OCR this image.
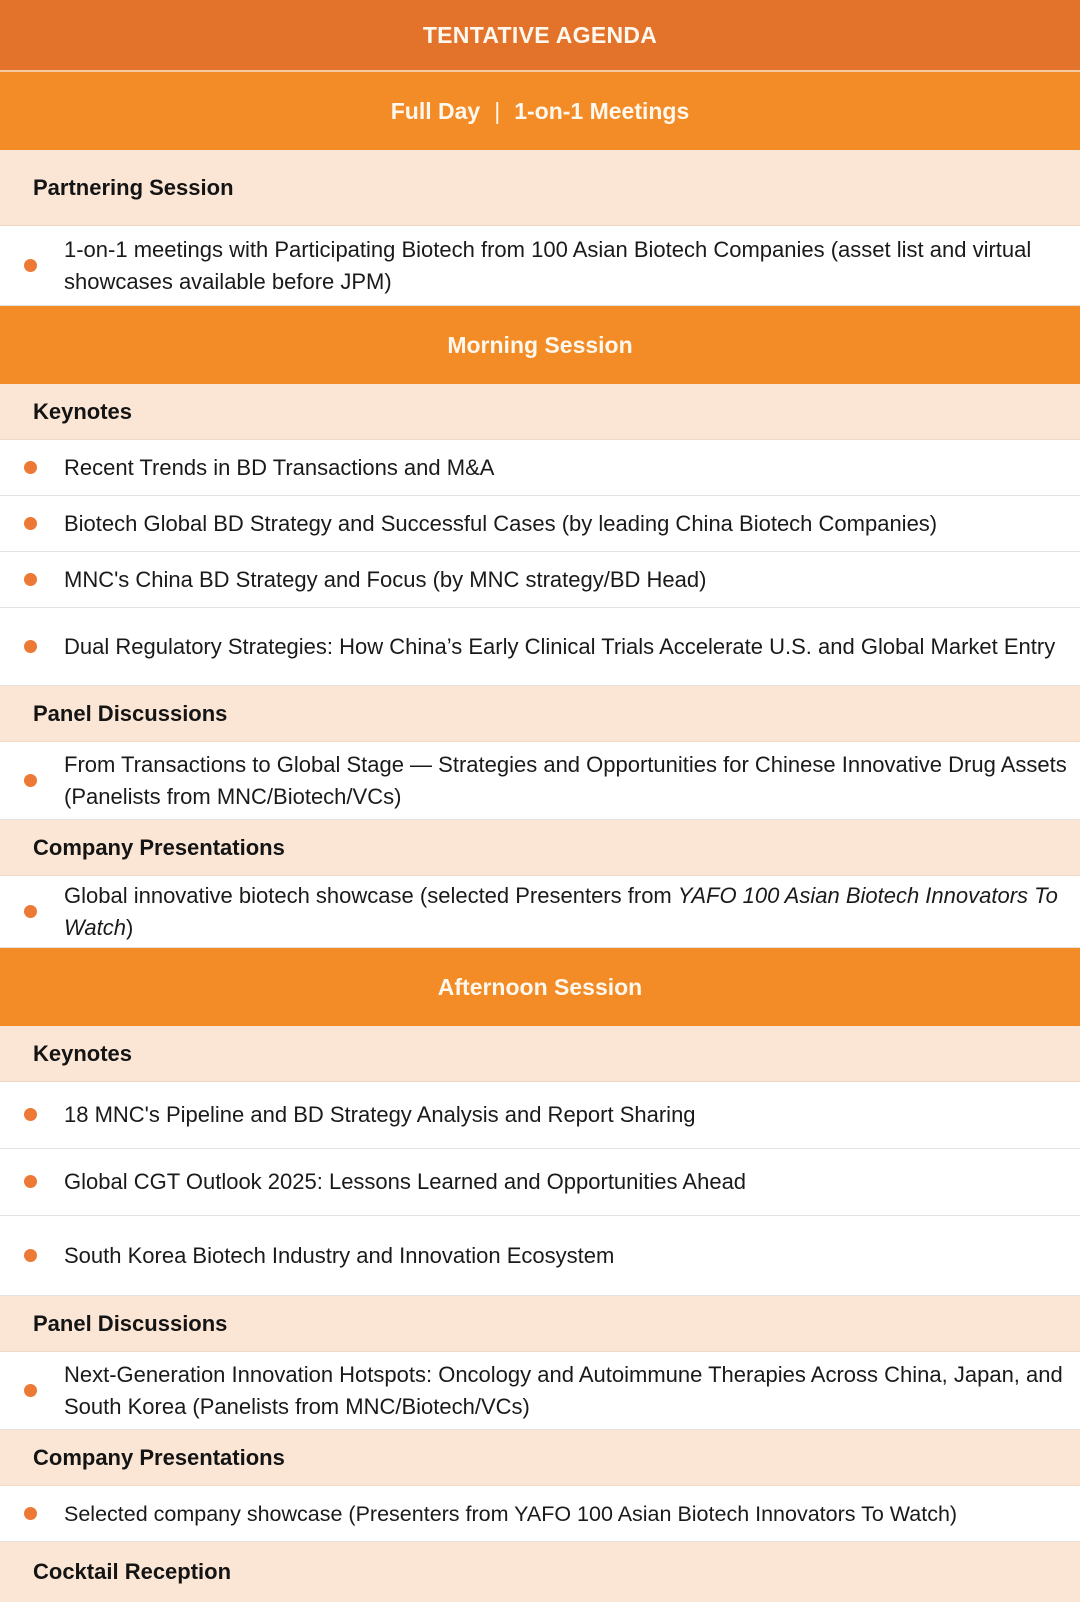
TENTATIVE AGENDA
Full Day | 1-on-1 Meetings
Partnering Session
1-on-1 meetings with Participating Biotech from 100 Asian Biotech Companies (asset list and virtual showcases available before JPM)
Morning Session
Keynotes
Recent Trends in BD Transactions and M&A
Biotech Global BD Strategy and Successful Cases (by leading China Biotech Companies)
MNC's China BD Strategy and Focus (by MNC strategy/BD Head)
Dual Regulatory Strategies: How China’s Early Clinical Trials Accelerate U.S. and Global Market Entry
Panel Discussions
From Transactions to Global Stage — Strategies and Opportunities for Chinese Innovative Drug Assets (Panelists from MNC/Biotech/VCs)
Company Presentations
Global innovative biotech showcase (selected Presenters from YAFO 100 Asian Biotech Innovators To Watch)
Afternoon Session
Keynotes
18 MNC's Pipeline and BD Strategy Analysis and Report Sharing
Global CGT Outlook 2025: Lessons Learned and Opportunities Ahead
South Korea Biotech Industry and Innovation Ecosystem
Panel Discussions
Next-Generation Innovation Hotspots: Oncology and Autoimmune Therapies Across China, Japan, and South Korea (Panelists from MNC/Biotech/VCs)
Company Presentations
Selected company showcase (Presenters from YAFO 100 Asian Biotech Innovators To Watch)
Cocktail Reception
